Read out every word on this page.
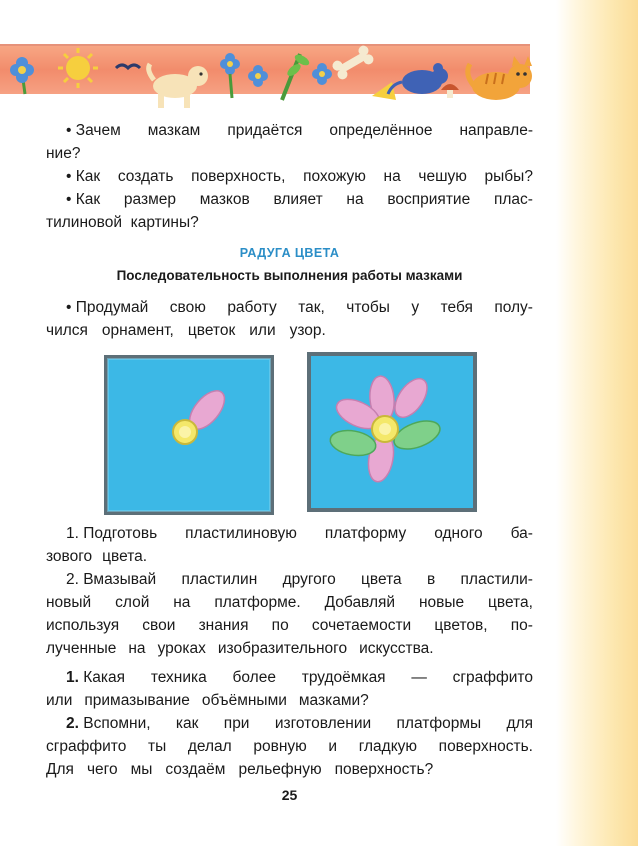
• Зачем мазкам придаётся определённое направле-
ние?
• Как создать поверхность, похожую на чешую рыбы?
• Как размер мазков влияет на восприятие плас-
тилиновой
картины?
РАДУГА ЦВЕТА
Последовательность выполнения работы мазками
• Продумай свою работу так, чтобы у тебя полу-
чился орнамент, цветок или узор.
1. Подготовь пластилиновую платформу одного ба-
зового цвета.
2. Вмазывай пластилин другого цвета в пластили-
новый слой на платформе. Добавляй новые цвета,
используя свои знания по сочетаемости цветов, по-
лученные на уроках изобразительного искусства.
1. Какая техника более трудоёмкая — сграффито
или примазывание объёмными мазками?
2. Вспомни, как при изготовлении платформы для
сграффито ты делал ровную и гладкую поверхность.
Для чего мы создаём рельефную поверхность?
25
